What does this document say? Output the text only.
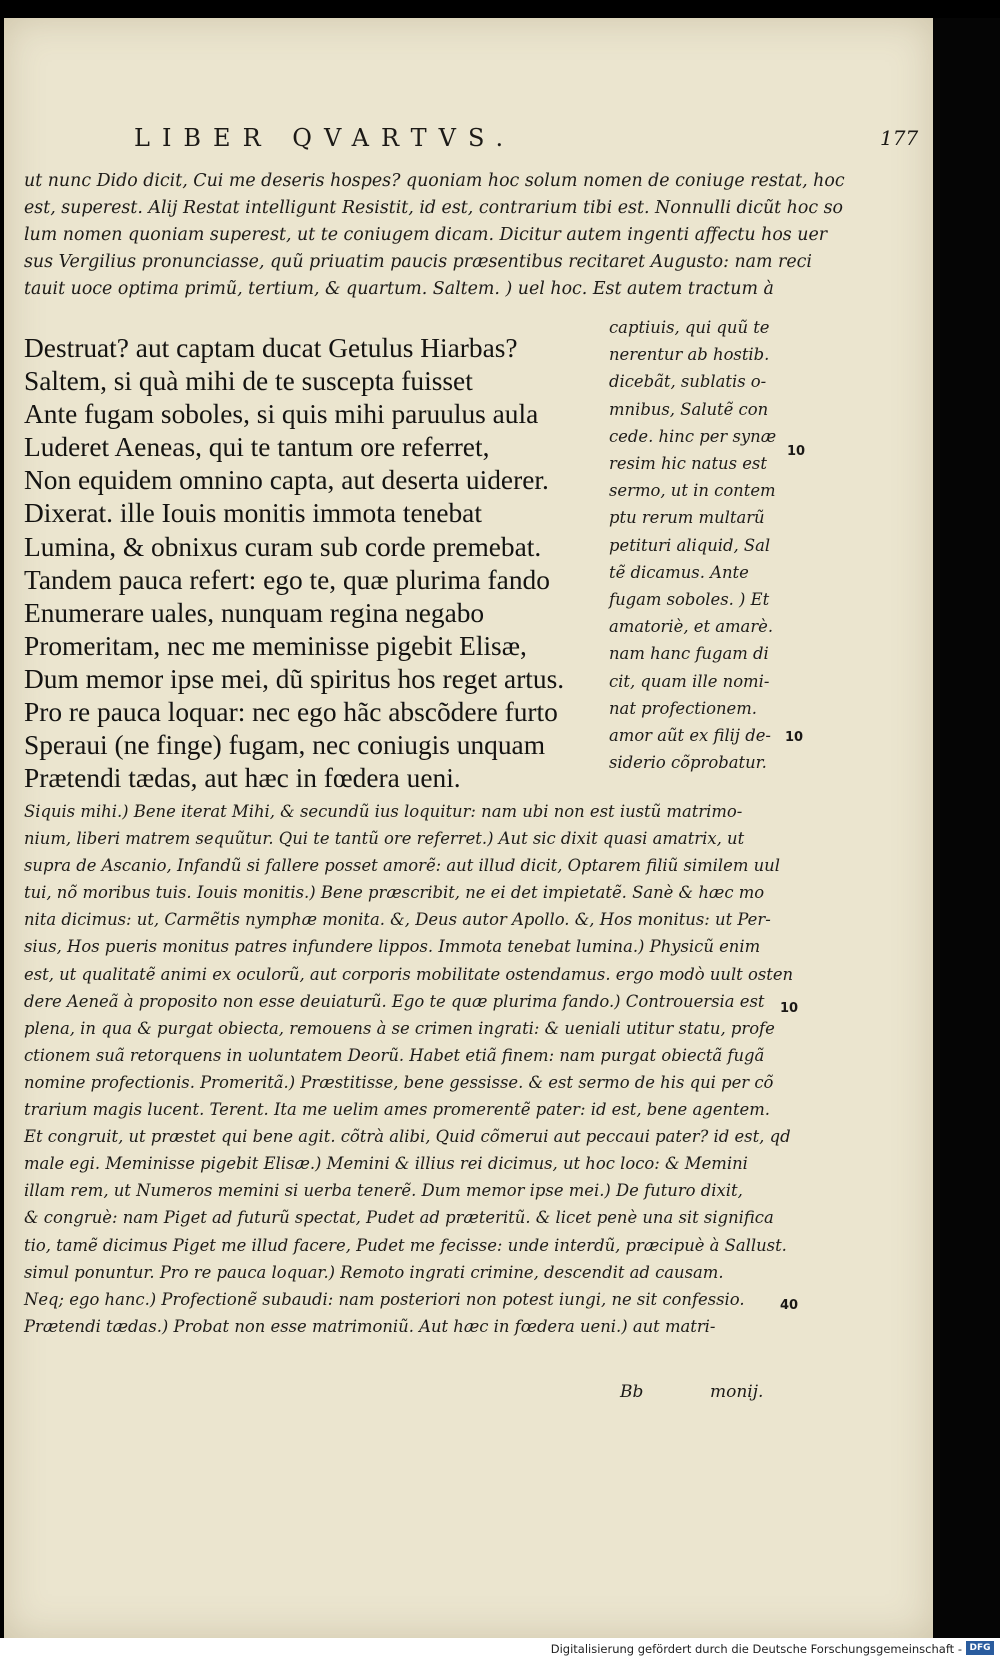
LIBER QVARTVS.	177

ut nunc Dido dicit, Cui me deseris hospes? quoniam hoc solum nomen de coniuge restat, hoc

est, superest. Alij Restat intelligunt Resistit, id est, contrarium tibi est. Nonnulli dicũt hoc so

lum nomen quoniam superest, ut te coniugem dicam. Dicitur autem ingenti affectu hos uer

sus Vergilius pronunciasse, quũ priuatim paucis præsentibus recitaret Augusto: nam reci

tauit uoce optima primũ, tertium, & quartum. Saltem. ) uel hoc. Est autem tractum à

Destruat? aut captam ducat Getulus Hiarbas?

Saltem, si quà mihi de te suscepta fuisset

Ante fugam soboles, si quis mihi paruulus aula

Luderet Aeneas, qui te tantum ore referret,

Non equidem omnino capta, aut deserta uiderer.

Dixerat. ille Iouis monitis immota tenebat

Lumina, & obnixus curam sub corde premebat.

Tandem pauca refert: ego te, quæ plurima fando

Enumerare uales, nunquam regina negabo

Promeritam, nec me meminisse pigebit Elisæ,

Dum memor ipse mei, dũ spiritus hos reget artus.

Pro re pauca loquar: nec ego hãc abscõdere furto

Speraui (ne finge) fugam, nec coniugis unquam

Prætendi tædas, aut hæc in fœdera ueni.

captiuis, qui quũ te

nerentur ab hostib.

dicebãt, sublatis o-

mnibus, Salutẽ con

cede. hinc per synæ

resim hic natus est

sermo, ut in contem

ptu rerum multarũ

petituri aliquid, Sal

tẽ dicamus. Ante

fugam soboles. ) Et

amatoriè, et amarè.

nam hanc fugam di

cit, quam ille nomi-

nat profectionem.

amor aũt ex filij de-

siderio cõprobatur.

10
10

Siquis mihi.) Bene iterat Mihi, & secundũ ius loquitur: nam ubi non est iustũ matrimo-

nium, liberi matrem sequũtur. Qui te tantũ ore referret.) Aut sic dixit quasi amatrix, ut

supra de Ascanio, Infandũ si fallere posset amorẽ: aut illud dicit, Optarem filiũ similem uul

tui, nõ moribus tuis. Iouis monitis.) Bene præscribit, ne ei det impietatẽ. Sanè & hæc mo

nita dicimus: ut, Carmẽtis nymphæ monita. &, Deus autor Apollo. &, Hos monitus: ut Per-

sius, Hos pueris monitus patres infundere lippos. Immota tenebat lumina.) Physicũ enim

est, ut qualitatẽ animi ex oculorũ, aut corporis mobilitate ostendamus. ergo modò uult osten

dere Aeneã à proposito non esse deuiaturũ. Ego te quæ plurima fando.) Controuersia est

plena, in qua & purgat obiecta, remouens à se crimen ingrati: & ueniali utitur statu, profe

ctionem suã retorquens in uoluntatem Deorũ. Habet etiã finem: nam purgat obiectã fugã

nomine profectionis. Promeritã.) Præstitisse, bene gessisse. & est sermo de his qui per cõ

trarium magis lucent. Terent. Ita me uelim ames promerentẽ pater: id est, bene agentem.

Et congruit, ut præstet qui bene agit. cõtrà alibi, Quid cõmerui aut peccaui pater? id est, qd

male egi. Meminisse pigebit Elisæ.) Memini & illius rei dicimus, ut hoc loco: & Memini

illam rem, ut Numeros memini si uerba tenerẽ. Dum memor ipse mei.) De futuro dixit,

& congruè: nam Piget ad futurũ spectat, Pudet ad præteritũ. & licet penè una sit significa

tio, tamẽ dicimus Piget me illud facere, Pudet me fecisse: unde interdũ, præcipuè à Sallust.

simul ponuntur. Pro re pauca loquar.) Remoto ingrati crimine, descendit ad causam.

Neq; ego hanc.) Profectionẽ subaudi: nam posteriori non potest iungi, ne sit confessio.

Prætendi tædas.) Probat non esse matrimoniũ. Aut hæc in fœdera ueni.) aut matri-

10
40
Bb	monij.
Digitalisierung gefördert durch die Deutsche Forschungsgemeinschaft - DFG
